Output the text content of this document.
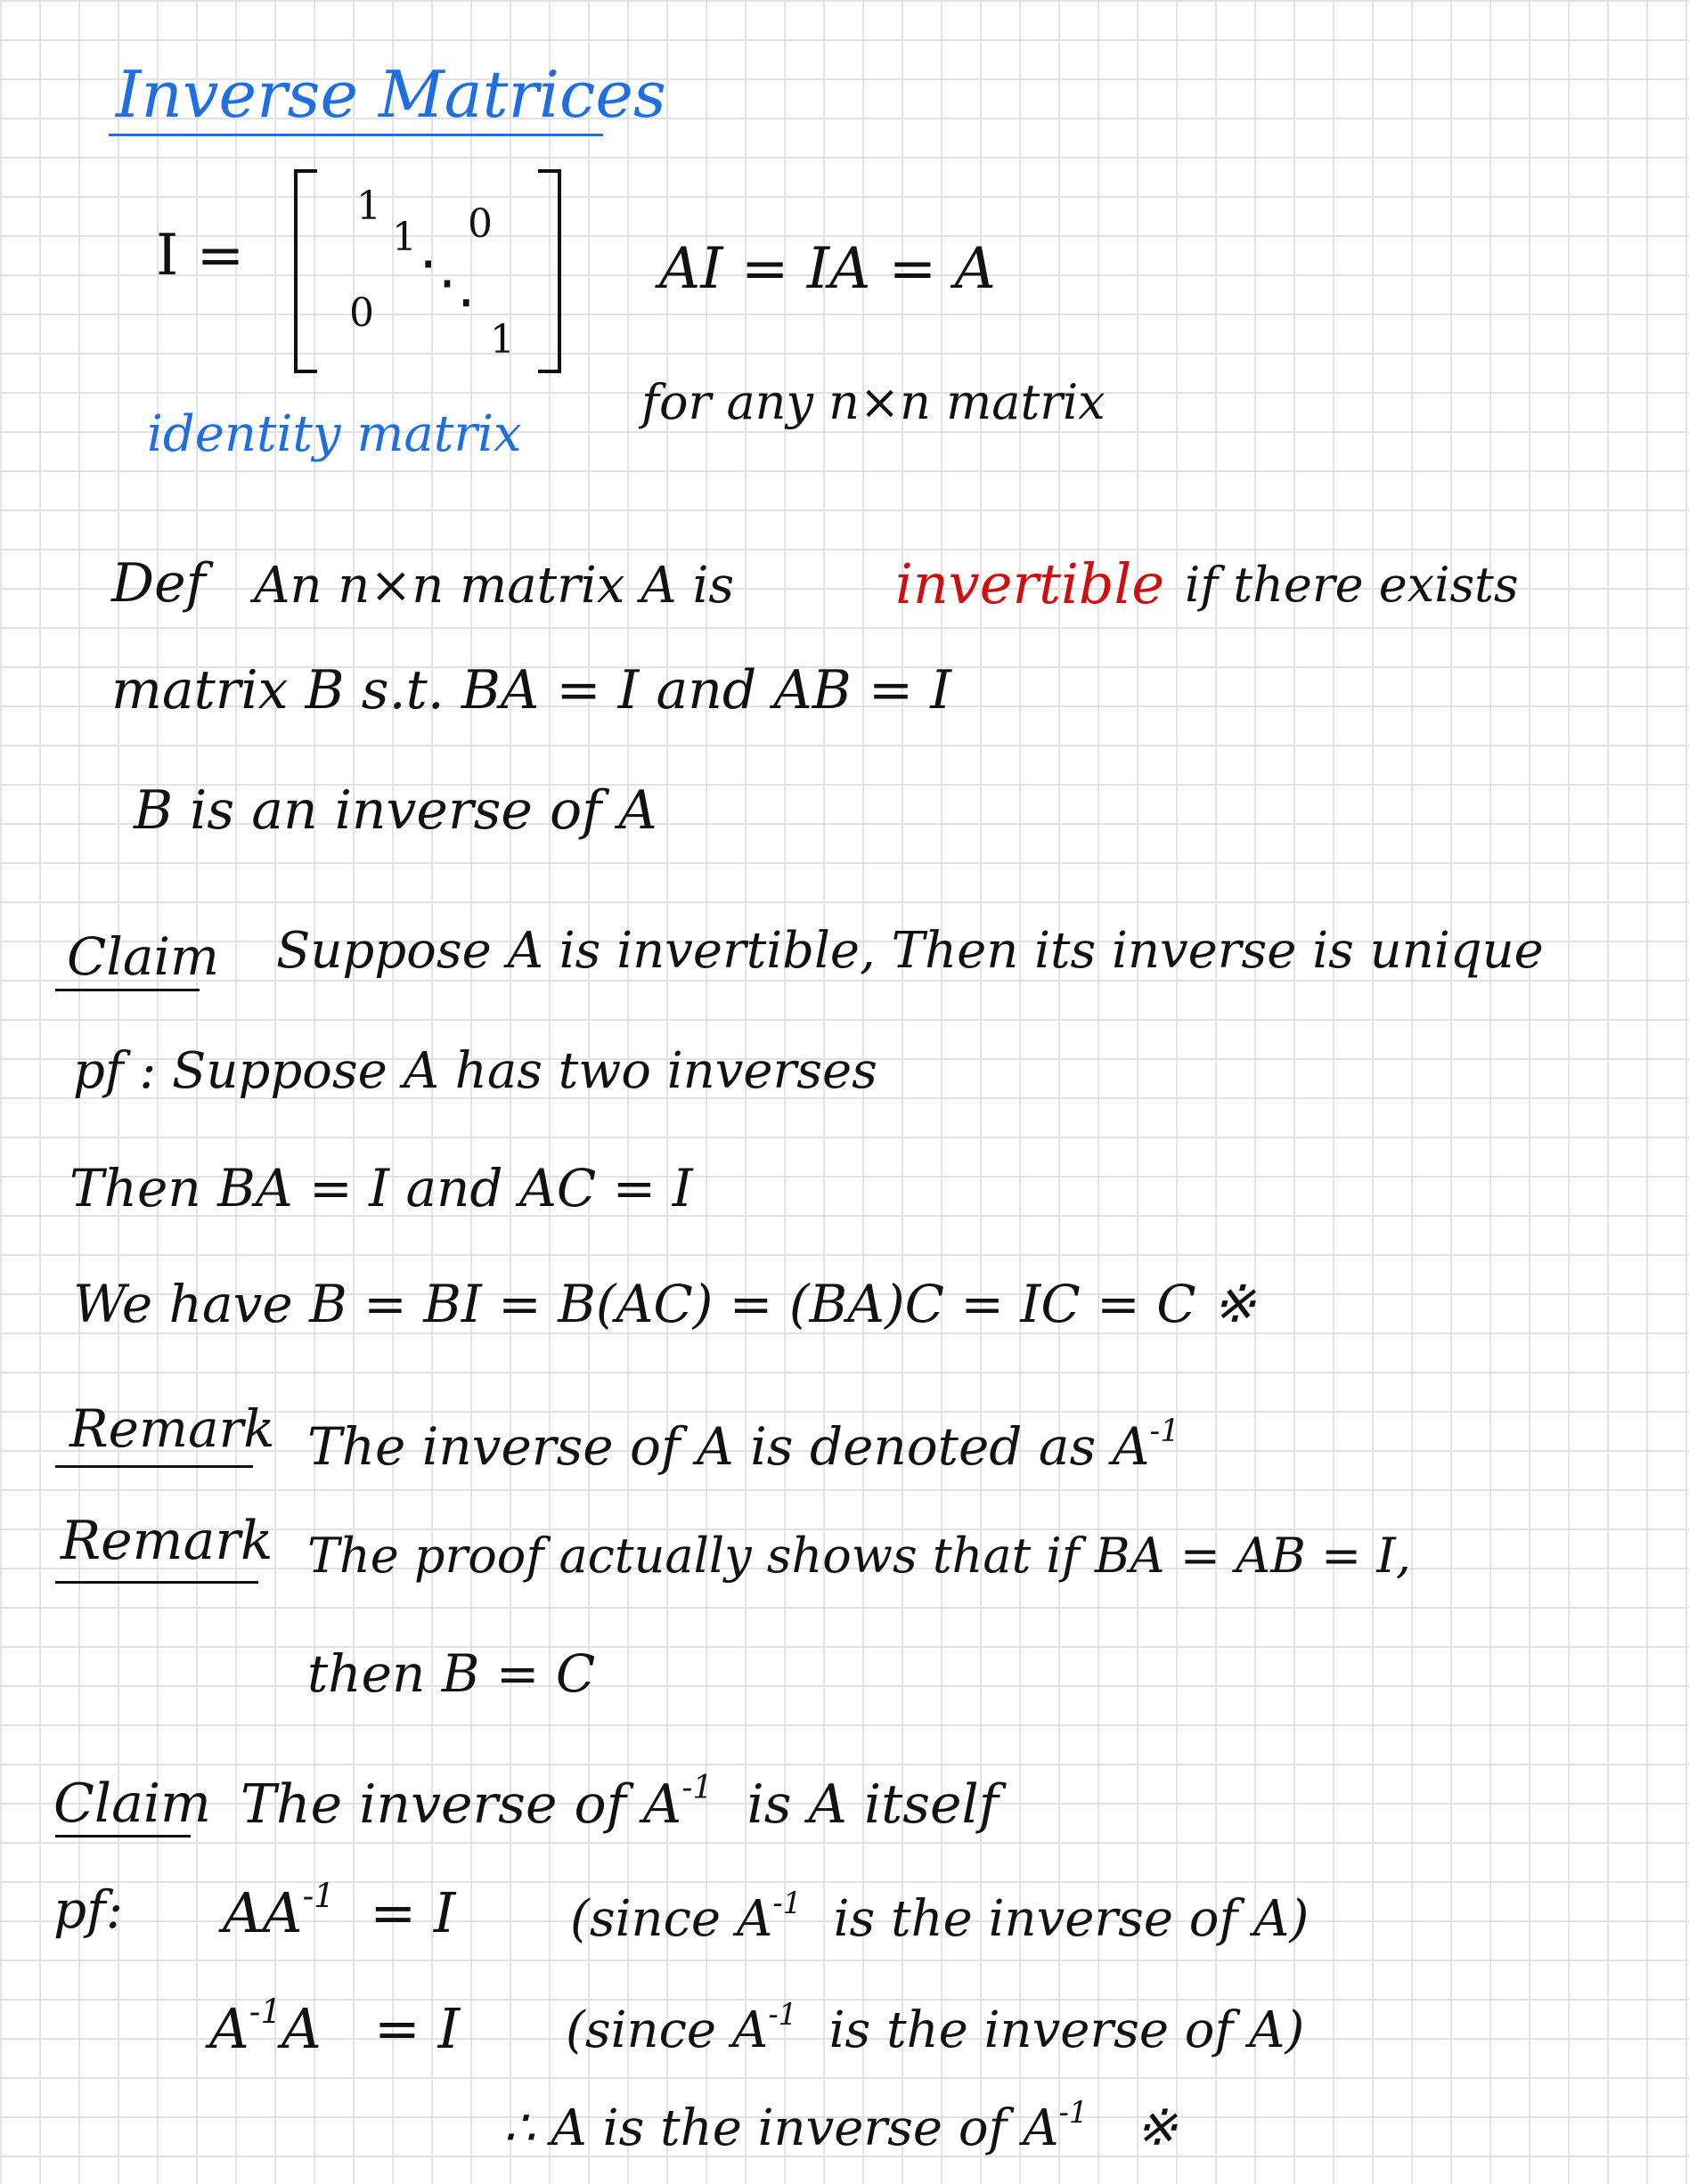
Inverse Matrices
I =
1
1
1
0
0 ⋱	AI = IA = A
for any n×n matrix
identity matrix
Def An n×n matrix A is	invertible if there exists
matrix B s.t. BA = I and AB = I
B is an inverse of A
Claim Suppose A is invertible, Then its inverse is unique
pf : Suppose A has two inverses
Then BA = I and AC = I
We have B = BI = B(AC) = (BA)C = IC = C ※
Remark The inverse of A is denoted as $A^{-1}$
Remark The proof actually shows that if BA = AB = I,
then B = C
Claim The inverse of $A^{-1}$ is A itself
pf: $AA^{-1} = I$ (since $A^{-1}$ is the inverse of A)
$A^{-1}A = I$ (since $A^{-1}$ is the inverse of A)
∴ A is the inverse of $A^{-1}$ ※
